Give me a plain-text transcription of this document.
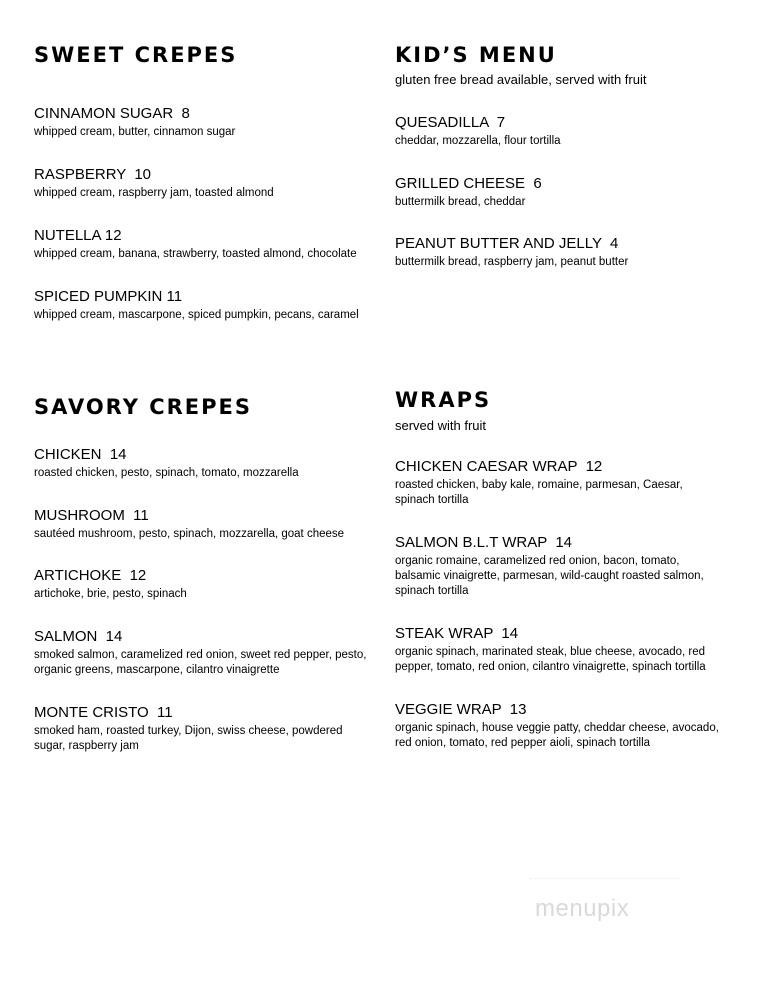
SWEET CREPES
CINNAMON SUGAR  8
whipped cream, butter, cinnamon sugar
RASPBERRY  10
whipped cream, raspberry jam, toasted almond
NUTELLA 12
whipped cream, banana, strawberry, toasted almond, chocolate
SPICED PUMPKIN 11
whipped cream, mascarpone, spiced pumpkin, pecans, caramel
KID’S MENU
gluten free bread available, served with fruit
QUESADILLA  7
cheddar, mozzarella, flour tortilla
GRILLED CHEESE  6
buttermilk bread, cheddar
PEANUT BUTTER AND JELLY  4
buttermilk bread, raspberry jam, peanut butter
SAVORY CREPES
CHICKEN  14
roasted chicken, pesto, spinach, tomato, mozzarella
MUSHROOM  11
sautéed mushroom, pesto, spinach, mozzarella, goat cheese
ARTICHOKE  12
artichoke, brie, pesto, spinach
SALMON  14
smoked salmon, caramelized red onion, sweet red pepper, pesto, organic greens, mascarpone, cilantro vinaigrette
MONTE CRISTO  11
smoked ham, roasted turkey, Dijon, swiss cheese, powdered sugar, raspberry jam
WRAPS
served with fruit
CHICKEN CAESAR WRAP  12
roasted chicken, baby kale, romaine, parmesan, Caesar, spinach tortilla
SALMON B.L.T WRAP  14
organic romaine, caramelized red onion, bacon, tomato, balsamic vinaigrette, parmesan, wild-caught roasted salmon, spinach tortilla
STEAK WRAP  14
organic spinach, marinated steak, blue cheese, avocado, red pepper, tomato, red onion, cilantro vinaigrette, spinach tortilla
VEGGIE WRAP  13
organic spinach, house veggie patty, cheddar cheese, avocado, red onion, tomato, red pepper aioli, spinach tortilla
menupix
